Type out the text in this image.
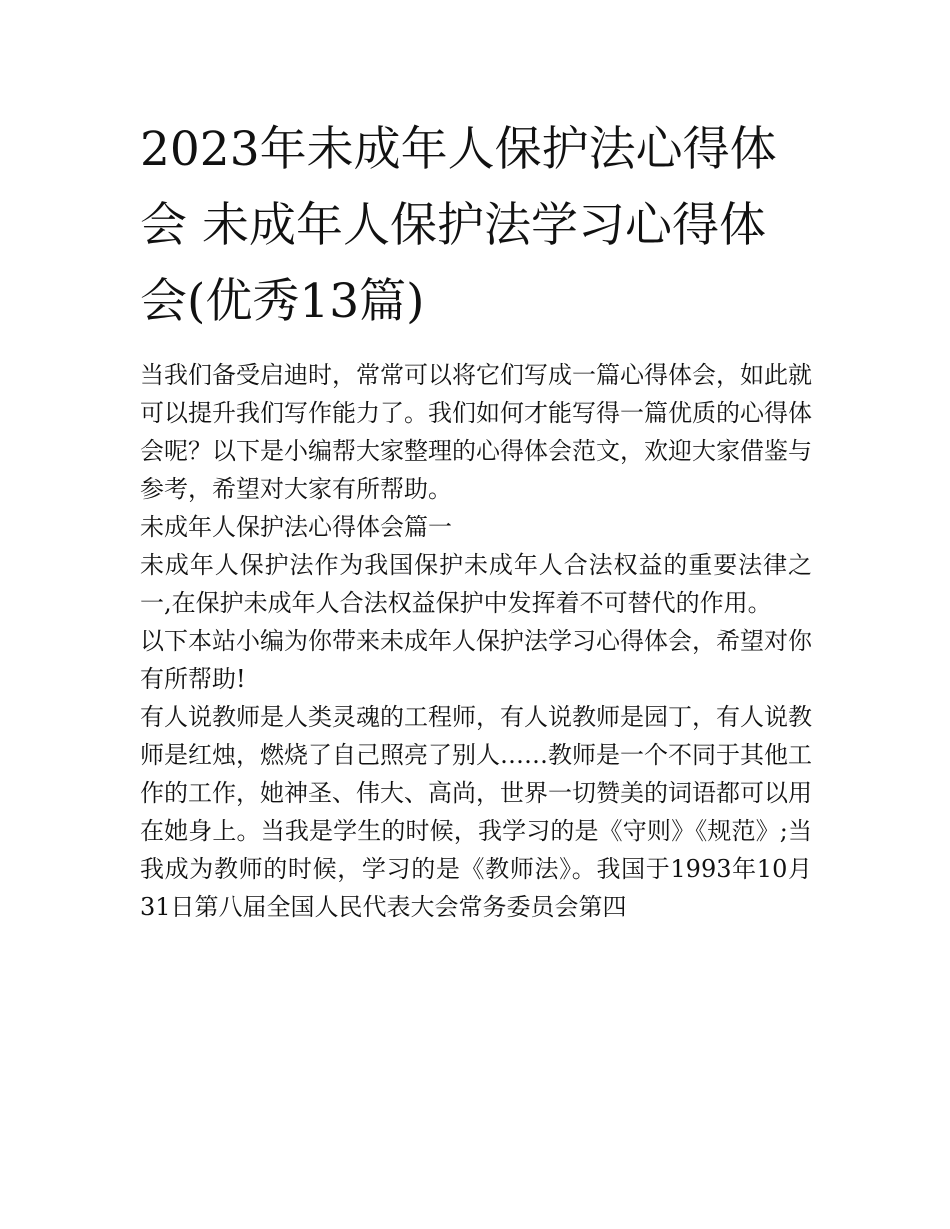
2023年未成年人保护法心得体会 未成年人保护法学习心得体会(优秀13篇)

当我们备受启迪时，常常可以将它们写成一篇心得体会，如此就可以提升我们写作能力了。我们如何才能写得一篇优质的心得体会呢？以下是小编帮大家整理的心得体会范文，欢迎大家借鉴与参考，希望对大家有所帮助。

未成年人保护法心得体会篇一

未成年人保护法作为我国保护未成年人合法权益的重要法律之一,在保护未成年人合法权益保护中发挥着不可替代的作用。

以下本站小编为你带来未成年人保护法学习心得体会，希望对你有所帮助!

有人说教师是人类灵魂的工程师，有人说教师是园丁，有人说教师是红烛，燃烧了自己照亮了别人……教师是一个不同于其他工作的工作，她神圣、伟大、高尚，世界一切赞美的词语都可以用在她身上。当我是学生的时候，我学习的是《守则》《规范》;当我成为教师的时候，学习的是《教师法》。我国于1993年10月31日第八届全国人民代表大会常务委员会第四
